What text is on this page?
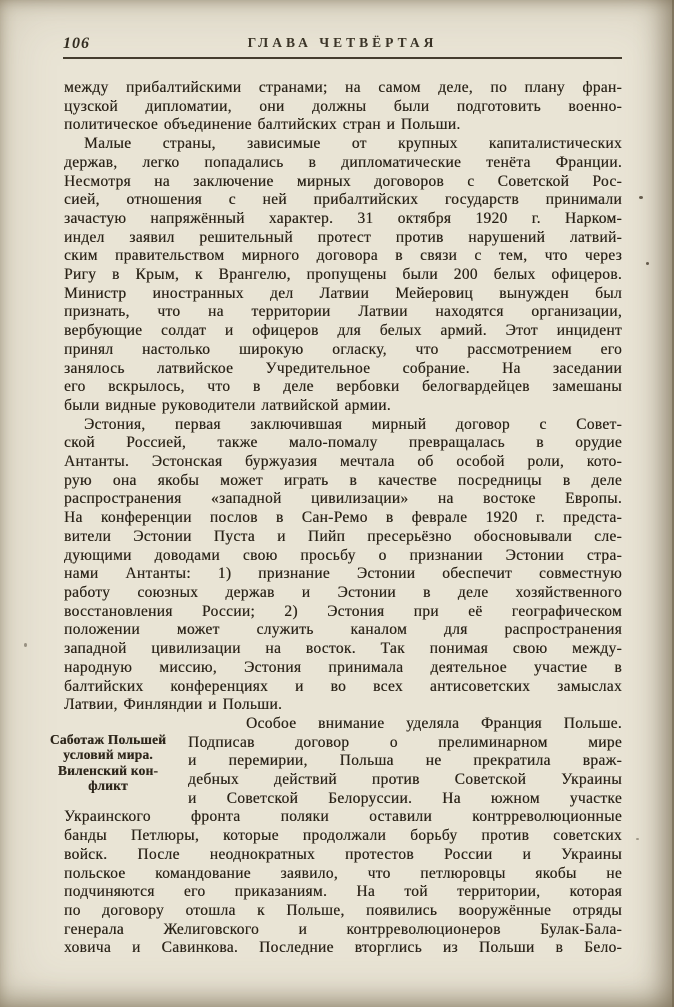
106	ГЛАВА ЧЕТВЁРТАЯ
между прибалтийскими странами; на самом деле, по плану фран-
цузской дипломатии, они должны были подготовить военно-
политическое объединение балтийских стран и Польши.
Малые страны, зависимые от крупных капиталистических
держав, легко попадались в дипломатические тенёта Франции.
Несмотря на заключение мирных договоров с Советской Рос-
сией, отношения с ней прибалтийских государств принимали
зачастую напряжённый характер. 31 октября 1920 г. Нарком-
индел заявил решительный протест против нарушений латвий-
ским правительством мирного договора в связи с тем, что через
Ригу в Крым, к Врангелю, пропущены были 200 белых офицеров.
Министр иностранных дел Латвии Мейеровиц вынужден был
признать, что на территории Латвии находятся организации,
вербующие солдат и офицеров для белых армий. Этот инцидент
принял настолько широкую огласку, что рассмотрением его
занялось латвийское Учредительное собрание. На заседании
его вскрылось, что в деле вербовки белогвардейцев замешаны
были видные руководители латвийской армии.
Эстония, первая заключившая мирный договор с Совет-
ской Россией, также мало-помалу превращалась в орудие
Антанты. Эстонская буржуазия мечтала об особой роли, кото-
рую она якобы может играть в качестве посредницы в деле
распространения «западной цивилизации» на востоке Европы.
На конференции послов в Сан-Ремо в феврале 1920 г. предста-
вители Эстонии Пуста и Пийп пресерьёзно обосновывали сле-
дующими доводами свою просьбу о признании Эстонии стра-
нами Антанты: 1) признание Эстонии обеспечит совместную
работу союзных держав и Эстонии в деле хозяйственного
восстановления России; 2) Эстония при её географическом
положении может служить каналом для распространения
западной цивилизации на восток. Так понимая свою между-
народную миссию, Эстония принимала деятельное участие в
балтийских конференциях и во всех антисоветских замыслах
Латвии, Финляндии и Польши.
Саботаж Польшей
условий мира.
Виленский кон-
фликт
Особое внимание уделяла Франция Польше.
Подписав договор о прелиминарном мире
и перемирии, Польша не прекратила враж-
дебных действий против Советской Украины
и Советской Белоруссии. На южном участке
Украинского фронта поляки оставили контрреволюционные
банды Петлюры, которые продолжали борьбу против советских
войск. После неоднократных протестов России и Украины
польское командование заявило, что петлюровцы якобы не
подчиняются его приказаниям. На той территории, которая
по договору отошла к Польше, появились вооружённые отряды
генерала Желиговского и контрреволюционеров Булак-Бала-
ховича и Савинкова. Последние вторглись из Польши в Бело-
